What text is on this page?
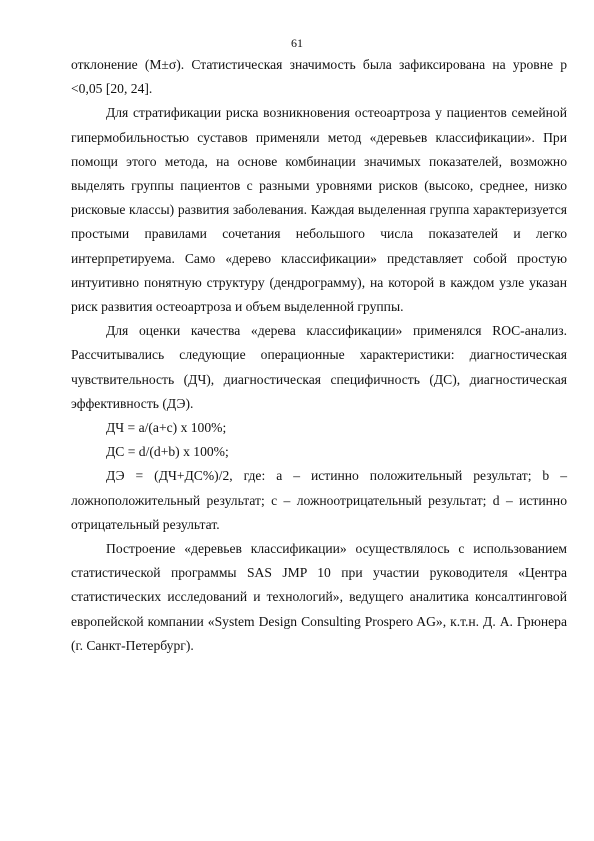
61

отклонение (M±σ). Статистическая значимость была зафиксирована на уровне p <0,05 [20, 24].

Для стратификации риска возникновения остеоартроза у пациентов семейной гипермобильностью суставов применяли метод «деревьев классификации». При помощи этого метода, на основе комбинации значимых показателей, возможно выделять группы пациентов с разными уровнями рисков (высоко, среднее, низко рисковые классы) развития заболевания. Каждая выделенная группа характеризуется простыми правилами сочетания небольшого числа показателей и легко интерпретируема. Само «дерево классификации» представляет собой простую интуитивно понятную структуру (дендрограмму), на которой в каждом узле указан риск развития остеоартроза и объем выделенной группы.

Для оценки качества «дерева классификации» применялся ROC-анализ. Рассчитывались следующие операционные характеристики: диагностическая чувствительность (ДЧ), диагностическая специфичность (ДС), диагностическая эффективность (ДЭ).

ДЧ = a/(a+c) x 100%;

ДС = d/(d+b) x 100%;

ДЭ = (ДЧ+ДС%)/2, где: а – истинно положительный результат; b – ложноположительный результат; c – ложноотрицательный результат; d – истинно отрицательный результат.

Построение «деревьев классификации» осуществлялось с использованием статистической программы SAS JMP 10 при участии руководителя «Центра статистических исследований и технологий», ведущего аналитика консалтинговой европейской компании «System Design Consulting Prospero AG», к.т.н. Д. А. Грюнера (г. Санкт-Петербург).
